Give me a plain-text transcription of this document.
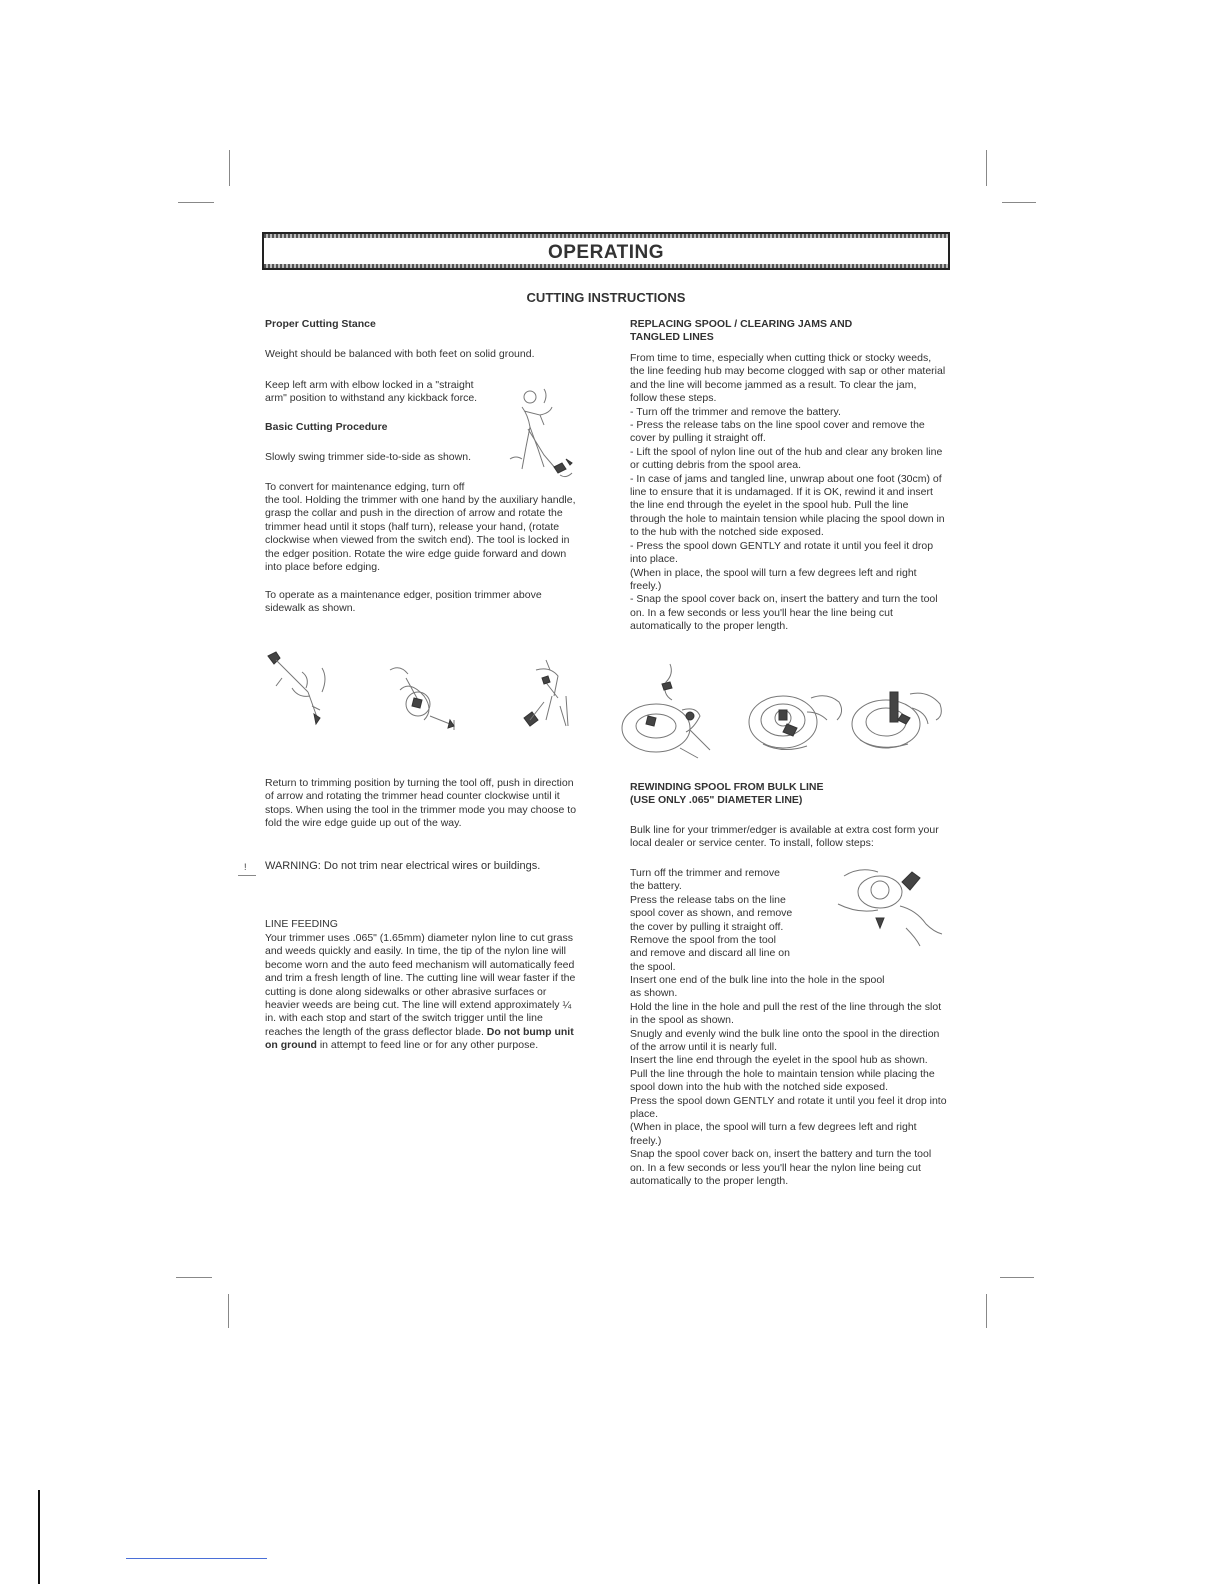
OPERATING
CUTTING INSTRUCTIONS

Proper Cutting Stance

Weight should be balanced with both feet on solid ground.

Keep left arm with elbow locked in a "straight
arm" position to withstand any kickback force.

Basic Cutting Procedure

Slowly swing trimmer side-to-side as shown.

To convert for maintenance edging, turn off

the tool. Holding the trimmer with one hand by the auxiliary handle, grasp the collar and push in the direction of arrow and rotate the trimmer head until it stops (half turn), release your hand, (rotate clockwise when viewed from the switch end). The tool is locked in the edger position. Rotate the wire edge guide forward and down into place before edging.

To operate as a maintenance edger, position trimmer above sidewalk as shown.

Return to trimming position by turning the tool off, push in direction of arrow and rotating the trimmer head counter clockwise until it stops. When using the tool in the trimmer mode you may choose to fold the wire edge guide up out of the way.

! WARNING: Do not trim near electrical wires or buildings.

LINE FEEDING

Your trimmer uses .065" (1.65mm) diameter nylon line to cut grass and weeds quickly and easily. In time, the tip of the nylon line will become worn and the auto feed mechanism will automatically feed and trim a fresh length of line. The cutting line will wear faster if the cutting is done along sidewalks or other abrasive surfaces or heavier weeds are being cut. The line will extend approximately ¼ in. with each stop and start of the switch trigger until the line reaches the length of the grass deflector blade. Do not bump unit on ground in attempt to feed line or for any other purpose.

REPLACING SPOOL / CLEARING JAMS AND
TANGLED LINES

From time to time, especially when cutting thick or stocky weeds, the line feeding hub may become clogged with sap or other material and the line will become jammed as a result. To clear the jam, follow these steps.
- Turn off the trimmer and remove the battery.
- Press the release tabs on the line spool cover and remove the cover by pulling it straight off.
- Lift the spool of nylon line out of the hub and clear any broken line or cutting debris from the spool area.
- In case of jams and tangled line, unwrap about one foot (30cm) of line to ensure that it is undamaged. If it is OK, rewind it and insert the line end through the eyelet in the spool hub. Pull the line through the hole to maintain tension while placing the spool down in to the hub with the notched side exposed.
- Press the spool down GENTLY and rotate it until you feel it drop into place.
(When in place, the spool will turn a few degrees left and right freely.)
- Snap the spool cover back on, insert the battery and turn the tool on. In a few seconds or less you'll hear the line being cut automatically to the proper length.

REWINDING SPOOL FROM BULK LINE
(USE ONLY .065" DIAMETER LINE)

Bulk line for your trimmer/edger is available at extra cost form your local dealer or service center. To install, follow steps:

Turn off the trimmer and remove
the battery.
Press the release tabs on the line
spool cover as shown, and remove
the cover by pulling it straight off.
Remove the spool from the tool
and remove and discard all line on
the spool.

Insert one end of the bulk line into the hole in the spool
as shown.
Hold the line in the hole and pull the rest of the line through the slot in the spool as shown.
Snugly and evenly wind the bulk line onto the spool in the direction of the arrow until it is nearly full.
Insert the line end through the eyelet in the spool hub as shown. Pull the line through the hole to maintain tension while placing the spool down into the hub with the notched side exposed.
Press the spool down GENTLY and rotate it until you feel it drop into place.
(When in place, the spool will turn a few degrees left and right freely.)
Snap the spool cover back on, insert the battery and turn the tool on. In a few seconds or less you'll hear the nylon line being cut automatically to the proper length.
